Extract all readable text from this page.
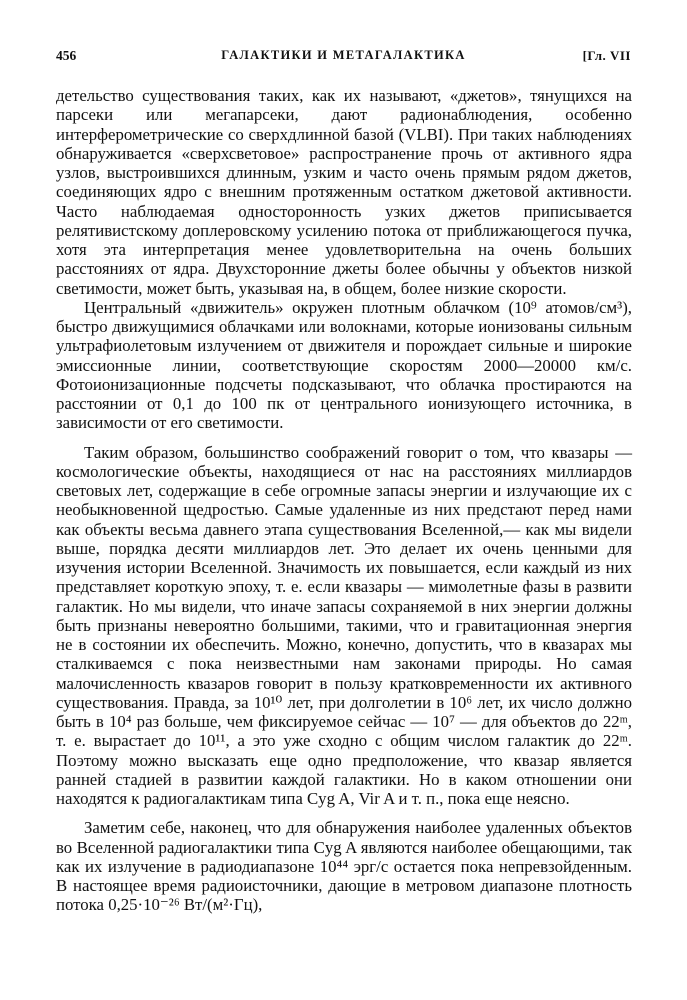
456	ГАЛАКТИКИ И МЕТАГАЛАКТИКА	[Гл. VII

детельство существования таких, как их называют, «джетов», тянущихся на парсеки или мегапарсеки, дают радионаблюдения, особенно интерферометрические со сверхдлинной базой (VLBI). При таких наблюдениях обнаруживается «сверхсветовое» распространение прочь от активного ядра узлов, выстроившихся длинным, узким и часто очень прямым рядом джетов, соединяющих ядро с внешним протяженным остатком джетовой активности. Часто наблюдаемая односторонность узких джетов приписывается релятивистскому доплеровскому усилению потока от приближающегося пучка, хотя эта интерпретация менее удовлетворительна на очень больших расстояниях от ядра. Двухсторонние джеты более обычны у объектов низкой светимости, может быть, указывая на, в общем, более низкие скорости.

Центральный «движитель» окружен плотным облачком (10⁹ атомов/см³), быстро движущимися облачками или волокнами, которые ионизованы сильным ультрафиолетовым излучением от движителя и порождает сильные и широкие эмиссионные линии, соответствующие скоростям 2000—20000 км/с. Фотоионизационные подсчеты подсказывают, что облачка простираются на расстоянии от 0,1 до 100 пк от центрального ионизующего источника, в зависимости от его светимости.

Таким образом, большинство соображений говорит о том, что квазары — космологические объекты, находящиеся от нас на расстояниях миллиардов световых лет, содержащие в себе огромные запасы энергии и излучающие их с необыкновенной щедростью. Самые удаленные из них предстают перед нами как объекты весьма давнего этапа существования Вселенной,— как мы видели выше, порядка десяти миллиардов лет. Это делает их очень ценными для изучения истории Вселенной. Значимость их повышается, если каждый из них представляет короткую эпоху, т. е. если квазары — мимолетные фазы в развити галактик. Но мы видели, что иначе запасы сохраняемой в них энергии должны быть признаны невероятно большими, такими, что и гравитационная энергия не в состоянии их обеспечить. Можно, конечно, допустить, что в квазарах мы сталкиваемся с пока неизвестными нам законами природы. Но самая малочисленность квазаров говорит в пользу кратковременности их активного существования. Правда, за 10¹⁰ лет, при долголетии в 10⁶ лет, их число должно быть в 10⁴ раз больше, чем фиксируемое сейчас — 10⁷ — для объектов до 22ᵐ, т. е. вырастает до 10¹¹, а это уже сходно с общим числом галактик до 22ᵐ. Поэтому можно высказать еще одно предположение, что квазар является ранней стадией в развитии каждой галактики. Но в каком отношении они находятся к радиогалактикам типа Cyg A, Vir A и т. п., пока еще неясно.

Заметим себе, наконец, что для обнаружения наиболее удаленных объектов во Вселенной радиогалактики типа Cyg A являются наиболее обещающими, так как их излучение в радиодиапазоне 10⁴⁴ эрг/с остается пока непревзойденным. В настоящее время радиоисточники, дающие в метровом диапазоне плотность потока 0,25·10⁻²⁶ Вт/(м²·Гц),
